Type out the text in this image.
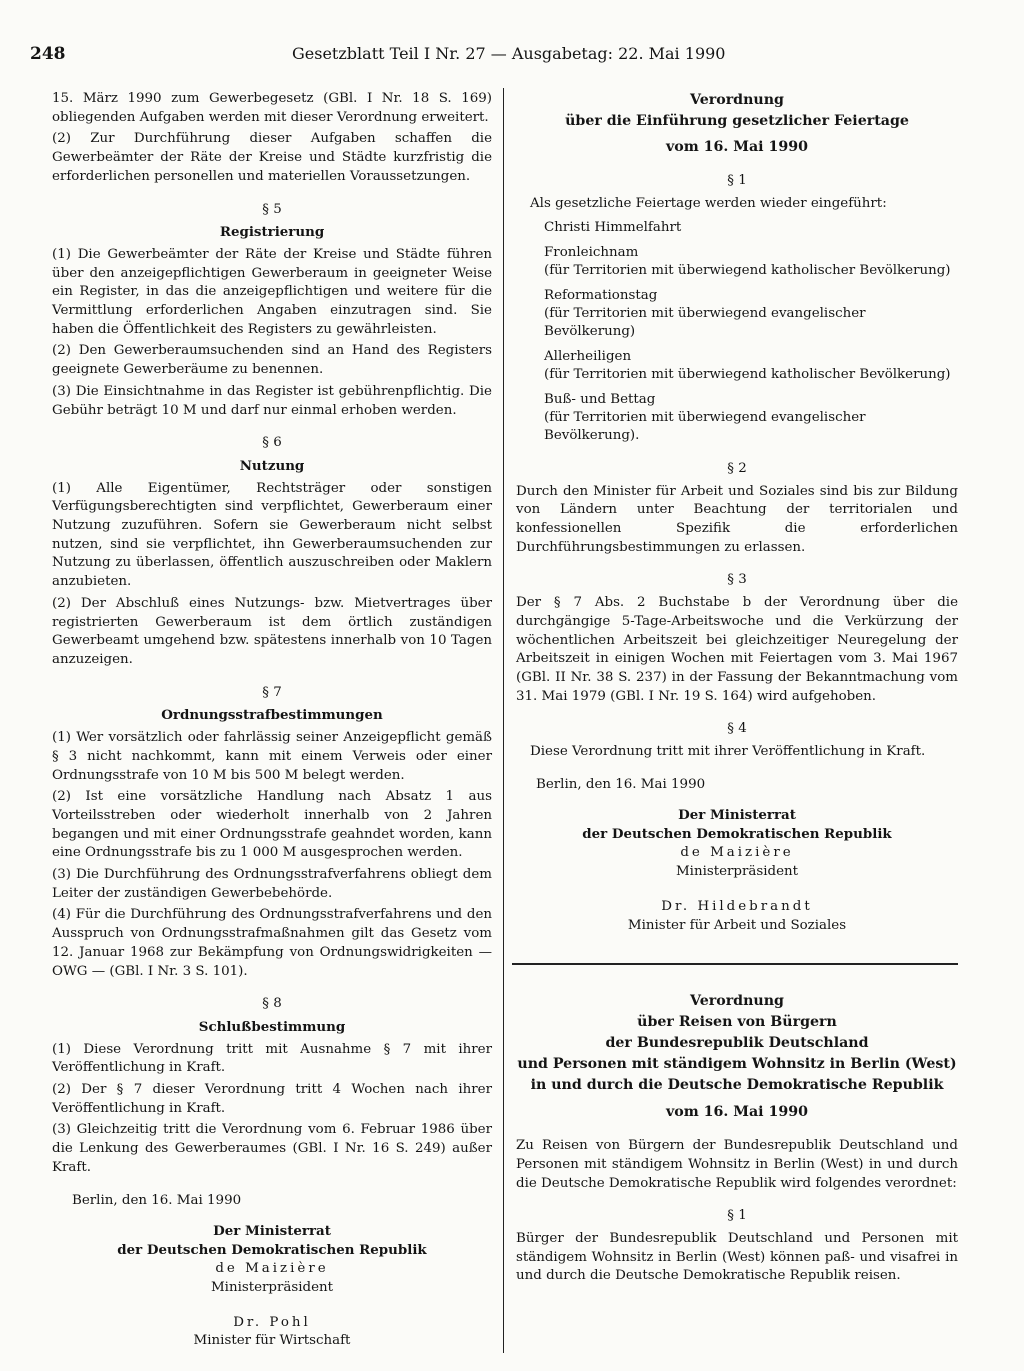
248	Gesetzblatt Teil I Nr. 27 — Ausgabetag: 22. Mai 1990

15. März 1990 zum Gewerbegesetz (GBl. I Nr. 18 S. 169) obliegenden Aufgaben werden mit dieser Verordnung erweitert.

(2) Zur Durchführung dieser Aufgaben schaffen die Gewerbeämter der Räte der Kreise und Städte kurzfristig die erforderlichen personellen und materiellen Voraussetzungen.

§ 5
Registrierung

(1) Die Gewerbeämter der Räte der Kreise und Städte führen über den anzeigepflichtigen Gewerberaum in geeigneter Weise ein Register, in das die anzeigepflichtigen und weitere für die Vermittlung erforderlichen Angaben einzutragen sind. Sie haben die Öffentlichkeit des Registers zu gewährleisten.

(2) Den Gewerberaumsuchenden sind an Hand des Registers geeignete Gewerberäume zu benennen.

(3) Die Einsichtnahme in das Register ist gebührenpflichtig. Die Gebühr beträgt 10 M und darf nur einmal erhoben werden.

§ 6
Nutzung

(1) Alle Eigentümer, Rechtsträger oder sonstigen Verfügungsberechtigten sind verpflichtet, Gewerberaum einer Nutzung zuzuführen. Sofern sie Gewerberaum nicht selbst nutzen, sind sie verpflichtet, ihn Gewerberaumsuchenden zur Nutzung zu überlassen, öffentlich auszuschreiben oder Maklern anzubieten.

(2) Der Abschluß eines Nutzungs- bzw. Mietvertrages über registrierten Gewerberaum ist dem örtlich zuständigen Gewerbeamt umgehend bzw. spätestens innerhalb von 10 Tagen anzuzeigen.

§ 7
Ordnungsstrafbestimmungen

(1) Wer vorsätzlich oder fahrlässig seiner Anzeigepflicht gemäß § 3 nicht nachkommt, kann mit einem Verweis oder einer Ordnungsstrafe von 10 M bis 500 M belegt werden.

(2) Ist eine vorsätzliche Handlung nach Absatz 1 aus Vorteilsstreben oder wiederholt innerhalb von 2 Jahren begangen und mit einer Ordnungsstrafe geahndet worden, kann eine Ordnungsstrafe bis zu 1 000 M ausgesprochen werden.

(3) Die Durchführung des Ordnungsstrafverfahrens obliegt dem Leiter der zuständigen Gewerbebehörde.

(4) Für die Durchführung des Ordnungsstrafverfahrens und den Ausspruch von Ordnungsstrafmaßnahmen gilt das Gesetz vom 12. Januar 1968 zur Bekämpfung von Ordnungswidrigkeiten — OWG — (GBl. I Nr. 3 S. 101).

§ 8
Schlußbestimmung

(1) Diese Verordnung tritt mit Ausnahme § 7 mit ihrer Veröffentlichung in Kraft.

(2) Der § 7 dieser Verordnung tritt 4 Wochen nach ihrer Veröffentlichung in Kraft.

(3) Gleichzeitig tritt die Verordnung vom 6. Februar 1986 über die Lenkung des Gewerberaumes (GBl. I Nr. 16 S. 249) außer Kraft.

Berlin, den 16. Mai 1990
Der Ministerrat
der Deutschen Demokratischen Republik
de Maizière
Ministerpräsident
Dr. Pohl
Minister für Wirtschaft
Verordnung
über die Einführung gesetzlicher Feiertage
vom 16. Mai 1990
§ 1

Als gesetzliche Feiertage werden wieder eingeführt:

Christi Himmelfahrt
Fronleichnam
(für Territorien mit überwiegend katholischer Bevölkerung)
Reformationstag
(für Territorien mit überwiegend evangelischer Bevölkerung)
Allerheiligen
(für Territorien mit überwiegend katholischer Bevölkerung)
Buß- und Bettag
(für Territorien mit überwiegend evangelischer Bevölkerung).
§ 2

Durch den Minister für Arbeit und Soziales sind bis zur Bildung von Ländern unter Beachtung der territorialen und konfessionellen Spezifik die erforderlichen Durchführungsbestimmungen zu erlassen.

§ 3

Der § 7 Abs. 2 Buchstabe b der Verordnung über die durchgängige 5-Tage-Arbeitswoche und die Verkürzung der wöchentlichen Arbeitszeit bei gleichzeitiger Neuregelung der Arbeitszeit in einigen Wochen mit Feiertagen vom 3. Mai 1967 (GBl. II Nr. 38 S. 237) in der Fassung der Bekanntmachung vom 31. Mai 1979 (GBl. I Nr. 19 S. 164) wird aufgehoben.

§ 4

Diese Verordnung tritt mit ihrer Veröffentlichung in Kraft.

Berlin, den 16. Mai 1990
Der Ministerrat
der Deutschen Demokratischen Republik
de Maizière
Ministerpräsident
Dr. Hildebrandt
Minister für Arbeit und Soziales
Verordnung
über Reisen von Bürgern
der Bundesrepublik Deutschland
und Personen mit ständigem Wohnsitz in Berlin (West)
in und durch die Deutsche Demokratische Republik
vom 16. Mai 1990

Zu Reisen von Bürgern der Bundesrepublik Deutschland und Personen mit ständigem Wohnsitz in Berlin (West) in und durch die Deutsche Demokratische Republik wird folgendes verordnet:

§ 1

Bürger der Bundesrepublik Deutschland und Personen mit ständigem Wohnsitz in Berlin (West) können paß- und visafrei in und durch die Deutsche Demokratische Republik reisen.
